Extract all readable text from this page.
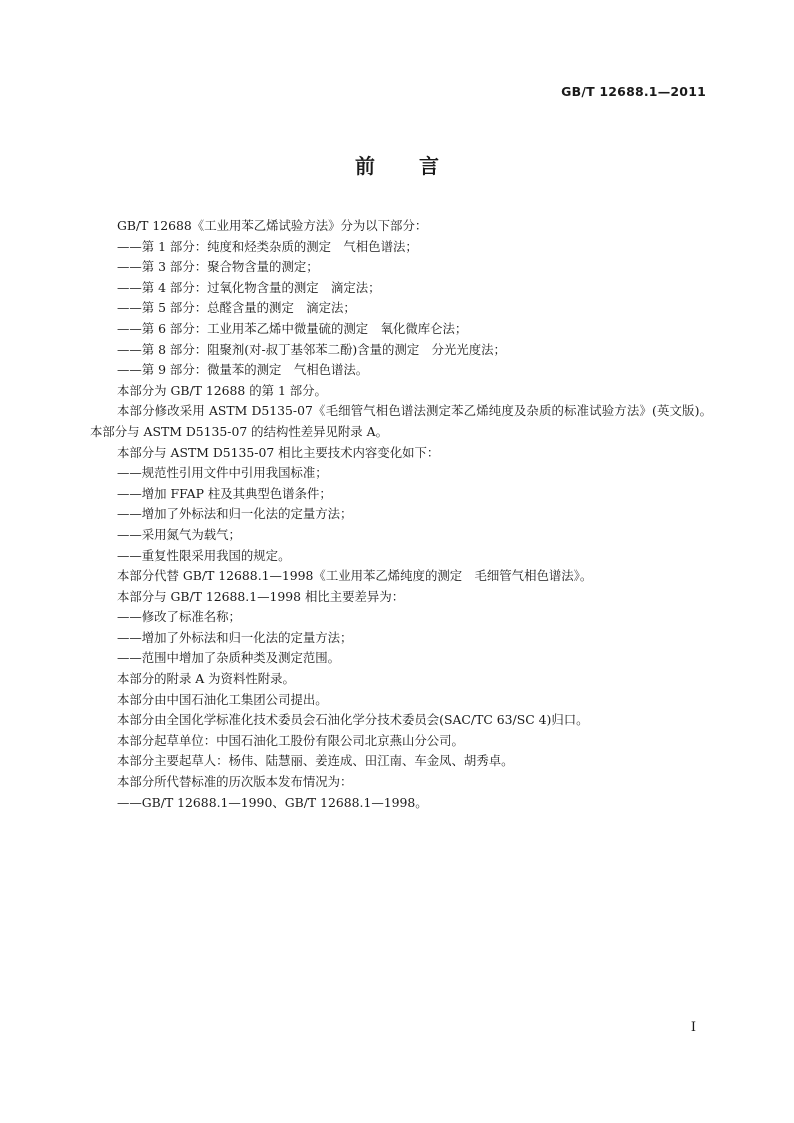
GB/T 12688.1—2011
前言

GB/T 12688《工业用苯乙烯试验方法》分为以下部分：

——第 1 部分：纯度和烃类杂质的测定　气相色谱法；

——第 3 部分：聚合物含量的测定；

——第 4 部分：过氧化物含量的测定　滴定法；

——第 5 部分：总醛含量的测定　滴定法；

——第 6 部分：工业用苯乙烯中微量硫的测定　氧化微库仑法；

——第 8 部分：阻聚剂(对-叔丁基邻苯二酚)含量的测定　分光光度法；

——第 9 部分：微量苯的测定　气相色谱法。

本部分为 GB/T 12688 的第 1 部分。

本部分修改采用 ASTM D5135-07《毛细管气相色谱法测定苯乙烯纯度及杂质的标准试验方法》(英文版)。本部分与 ASTM D5135-07 的结构性差异见附录 A。

本部分与 ASTM D5135-07 相比主要技术内容变化如下：

——规范性引用文件中引用我国标准；

——增加 FFAP 柱及其典型色谱条件；

——增加了外标法和归一化法的定量方法；

——采用氮气为载气；

——重复性限采用我国的规定。

本部分代替 GB/T 12688.1—1998《工业用苯乙烯纯度的测定　毛细管气相色谱法》。

本部分与 GB/T 12688.1—1998 相比主要差异为：

——修改了标准名称；

——增加了外标法和归一化法的定量方法；

——范围中增加了杂质种类及测定范围。

本部分的附录 A 为资料性附录。

本部分由中国石油化工集团公司提出。

本部分由全国化学标准化技术委员会石油化学分技术委员会(SAC/TC 63/SC 4)归口。

本部分起草单位：中国石油化工股份有限公司北京燕山分公司。

本部分主要起草人：杨伟、陆慧丽、姜连成、田江南、车金凤、胡秀卓。

本部分所代替标准的历次版本发布情况为：

——GB/T 12688.1—1990、GB/T 12688.1—1998。

I
